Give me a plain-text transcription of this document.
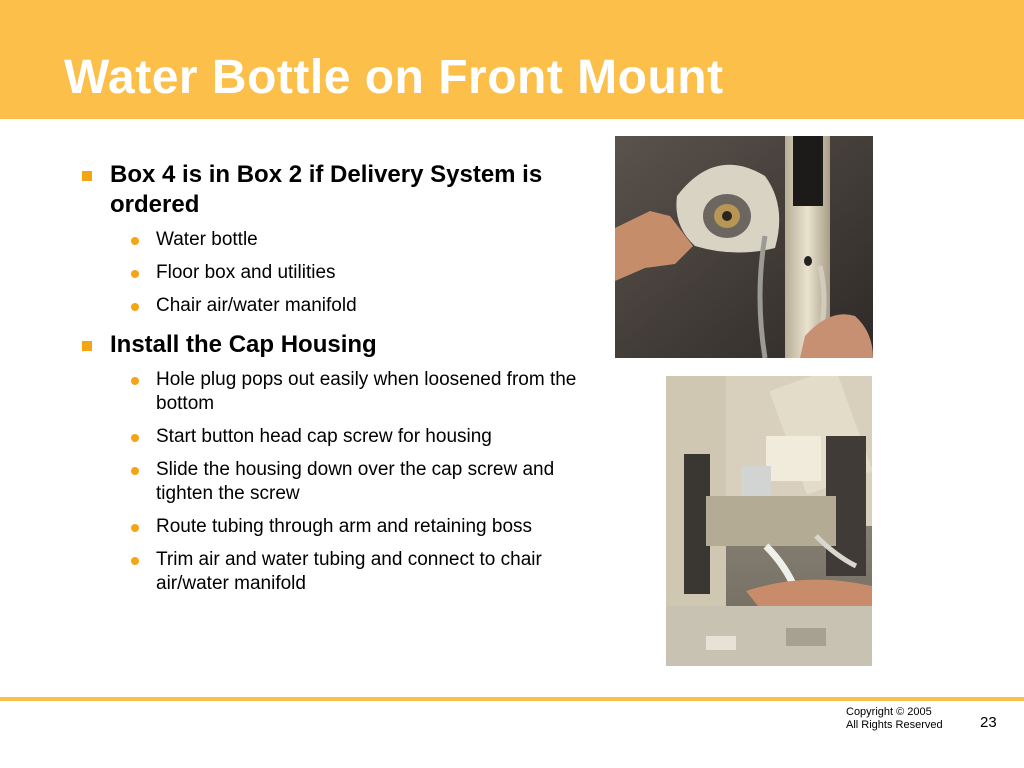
Water Bottle on Front Mount
Box 4 is in Box 2 if Delivery System is ordered
Water bottle
Floor box and utilities
Chair air/water manifold
Install the Cap Housing
Hole plug pops out easily when loosened from the bottom
Start button head cap screw for housing
Slide the housing down over the cap screw and tighten the screw
Route tubing through arm and retaining boss
Trim air and water tubing and connect to chair air/water manifold
Copyright © 2005
All Rights Reserved 23
